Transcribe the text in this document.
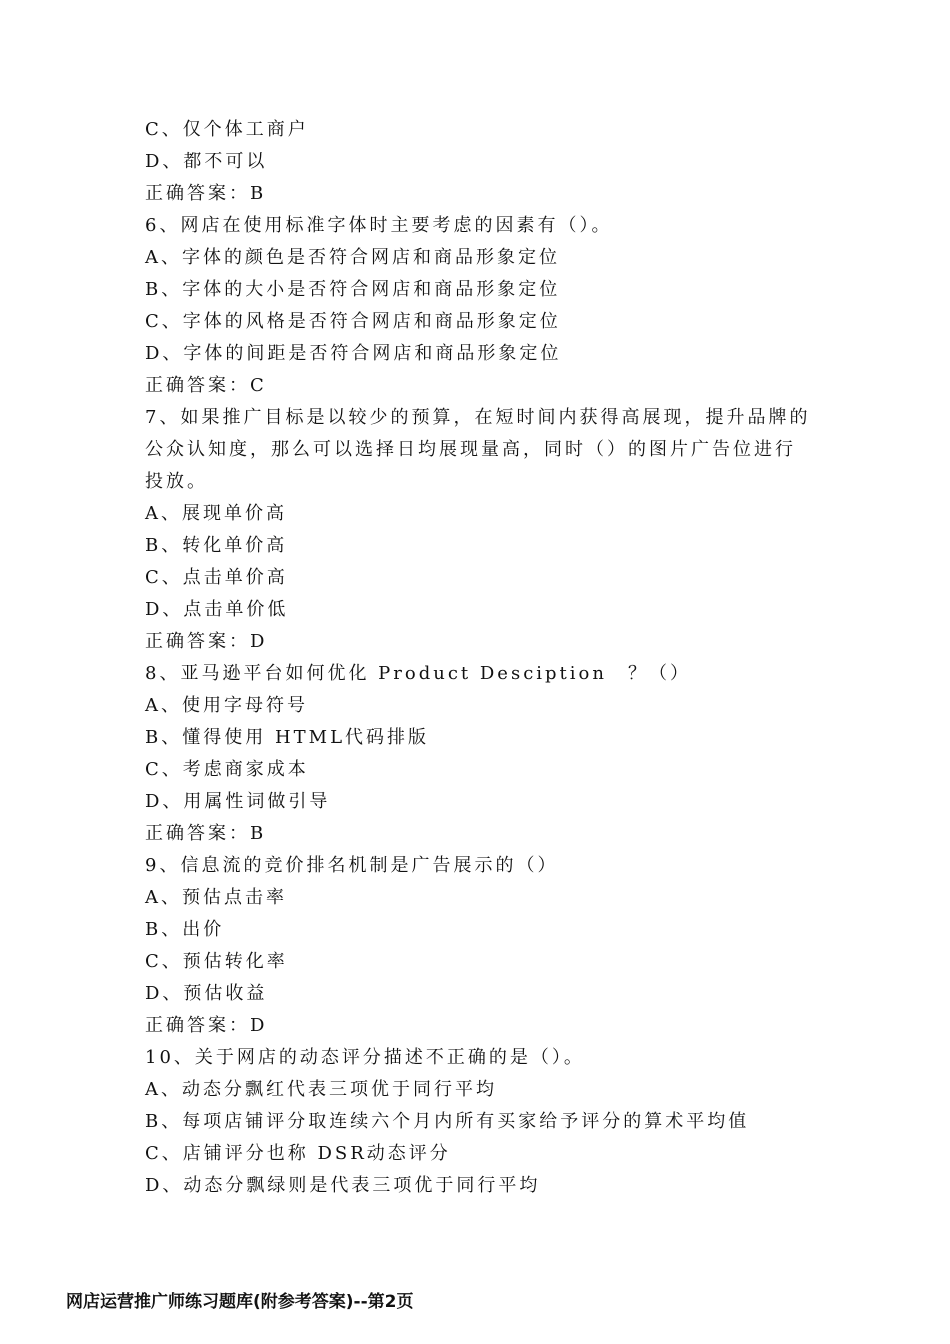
C、仅个体工商户
D、都不可以
正确答案：B
6、网店在使用标准字体时主要考虑的因素有（）。
A、字体的颜色是否符合网店和商品形象定位
B、字体的大小是否符合网店和商品形象定位
C、字体的风格是否符合网店和商品形象定位
D、字体的间距是否符合网店和商品形象定位
正确答案：C
7、如果推广目标是以较少的预算，在短时间内获得高展现，提升品牌的
公众认知度，那么可以选择日均展现量高，同时（）的图片广告位进行
投放。
A、展现单价高
B、转化单价高
C、点击单价高
D、点击单价低
正确答案：D
8、亚马逊平台如何优化 Product Desciption　？（）
A、使用字母符号
B、懂得使用 HTML代码排版
C、考虑商家成本
D、用属性词做引导
正确答案：B
9、信息流的竞价排名机制是广告展示的（）
A、预估点击率
B、出价
C、预估转化率
D、预估收益
正确答案：D
10、关于网店的动态评分描述不正确的是（）。
A、动态分飘红代表三项优于同行平均
B、每项店铺评分取连续六个月内所有买家给予评分的算术平均值
C、店铺评分也称 DSR动态评分
D、动态分飘绿则是代表三项优于同行平均
网店运营推广师练习题库(附参考答案)--第2页
